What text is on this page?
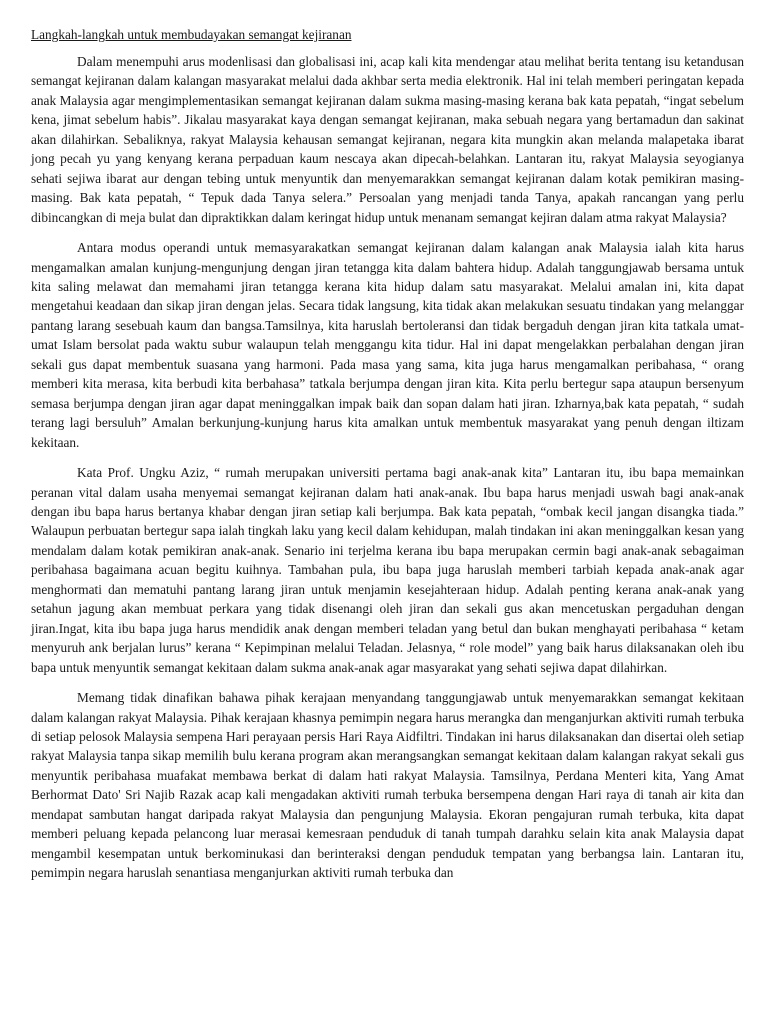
Langkah-langkah untuk membudayakan semangat kejiranan

Dalam menempuhi arus modenlisasi dan globalisasi ini, acap kali kita mendengar atau melihat berita tentang isu ketandusan semangat kejiranan dalam kalangan masyarakat melalui dada akhbar serta media elektronik. Hal ini telah memberi peringatan kepada anak Malaysia agar mengimplementasikan semangat kejiranan dalam sukma masing-masing kerana bak kata pepatah, “ingat sebelum kena, jimat sebelum habis”. Jikalau masyarakat kaya dengan semangat kejiranan, maka sebuah negara yang bertamadun dan sakinat akan dilahirkan. Sebaliknya, rakyat Malaysia kehausan semangat kejiranan, negara kita mungkin akan melanda malapetaka ibarat jong pecah yu yang kenyang kerana perpaduan kaum nescaya akan dipecah-belahkan. Lantaran itu, rakyat Malaysia seyogianya sehati sejiwa ibarat aur dengan tebing untuk menyuntik dan menyemarakkan semangat kejiranan dalam kotak pemikiran masing-masing. Bak kata pepatah, “ Tepuk dada Tanya selera.” Persoalan yang menjadi tanda Tanya, apakah rancangan yang perlu dibincangkan di meja bulat dan dipraktikkan dalam keringat hidup untuk menanam semangat kejiran dalam atma rakyat Malaysia?

Antara modus operandi untuk memasyarakatkan semangat kejiranan dalam kalangan anak Malaysia ialah kita harus mengamalkan amalan kunjung-mengunjung dengan jiran tetangga kita dalam bahtera hidup. Adalah tanggungjawab bersama untuk kita saling melawat dan memahami jiran tetangga kerana kita hidup dalam satu masyarakat. Melalui amalan ini, kita dapat mengetahui keadaan dan sikap jiran dengan jelas. Secara tidak langsung, kita tidak akan melakukan sesuatu tindakan yang melanggar pantang larang sesebuah kaum dan bangsa.Tamsilnya, kita haruslah bertoleransi dan tidak bergaduh dengan jiran kita tatkala umat-umat Islam bersolat pada waktu subur walaupun telah menggangu kita tidur. Hal ini dapat mengelakkan perbalahan dengan jiran sekali gus dapat membentuk suasana yang harmoni. Pada masa yang sama, kita juga harus mengamalkan peribahasa, “ orang memberi kita merasa, kita berbudi kita berbahasa” tatkala berjumpa dengan jiran kita. Kita perlu bertegur sapa ataupun bersenyum semasa berjumpa dengan jiran agar dapat meninggalkan impak baik dan sopan dalam hati jiran. Izharnya,bak kata pepatah, “ sudah terang lagi bersuluh” Amalan berkunjung-kunjung harus kita amalkan untuk membentuk masyarakat yang penuh dengan iltizam kekitaan.

Kata Prof. Ungku Aziz, “ rumah merupakan universiti pertama bagi anak-anak kita” Lantaran itu, ibu bapa memainkan peranan vital dalam usaha menyemai semangat kejiranan dalam hati anak-anak. Ibu bapa harus menjadi uswah bagi anak-anak dengan ibu bapa harus bertanya khabar dengan jiran setiap kali berjumpa. Bak kata pepatah, “ombak kecil jangan disangka tiada.” Walaupun perbuatan bertegur sapa ialah tingkah laku yang kecil dalam kehidupan, malah tindakan ini akan meninggalkan kesan yang mendalam dalam kotak pemikiran anak-anak. Senario ini terjelma kerana ibu bapa merupakan cermin bagi anak-anak sebagaiman peribahasa bagaimana acuan begitu kuihnya. Tambahan pula, ibu bapa juga haruslah memberi tarbiah kepada anak-anak agar menghormati dan mematuhi pantang larang jiran untuk menjamin kesejahteraan hidup. Adalah penting kerana anak-anak yang setahun jagung akan membuat perkara yang tidak disenangi oleh jiran dan sekali gus akan mencetuskan pergaduhan dengan jiran.Ingat, kita ibu bapa juga harus mendidik anak dengan memberi teladan yang betul dan bukan menghayati peribahasa “ ketam menyuruh ank berjalan lurus” kerana “ Kepimpinan melalui Teladan. Jelasnya, “ role model” yang baik harus dilaksanakan oleh ibu bapa untuk menyuntik semangat kekitaan dalam sukma anak-anak agar masyarakat yang sehati sejiwa dapat dilahirkan.

Memang tidak dinafikan bahawa pihak kerajaan menyandang tanggungjawab untuk menyemarakkan semangat kekitaan dalam kalangan rakyat Malaysia. Pihak kerajaan khasnya pemimpin negara harus merangka dan menganjurkan aktiviti rumah terbuka di setiap pelosok Malaysia sempena Hari perayaan persis Hari Raya Aidfiltri. Tindakan ini harus dilaksanakan dan disertai oleh setiap rakyat Malaysia tanpa sikap memilih bulu kerana program akan merangsangkan semangat kekitaan dalam kalangan rakyat sekali gus menyuntik peribahasa muafakat membawa berkat di dalam hati rakyat Malaysia. Tamsilnya, Perdana Menteri kita, Yang Amat Berhormat Dato' Sri Najib Razak acap kali mengadakan aktiviti rumah terbuka bersempena dengan Hari raya di tanah air kita dan mendapat sambutan hangat daripada rakyat Malaysia dan pengunjung Malaysia. Ekoran pengajuran rumah terbuka, kita dapat memberi peluang kepada pelancong luar merasai kemesraan penduduk di tanah tumpah darahku selain kita anak Malaysia dapat mengambil kesempatan untuk berkominukasi dan berinteraksi dengan penduduk tempatan yang berbangsa lain. Lantaran itu, pemimpin negara haruslah senantiasa menganjurkan aktiviti rumah terbuka dan
